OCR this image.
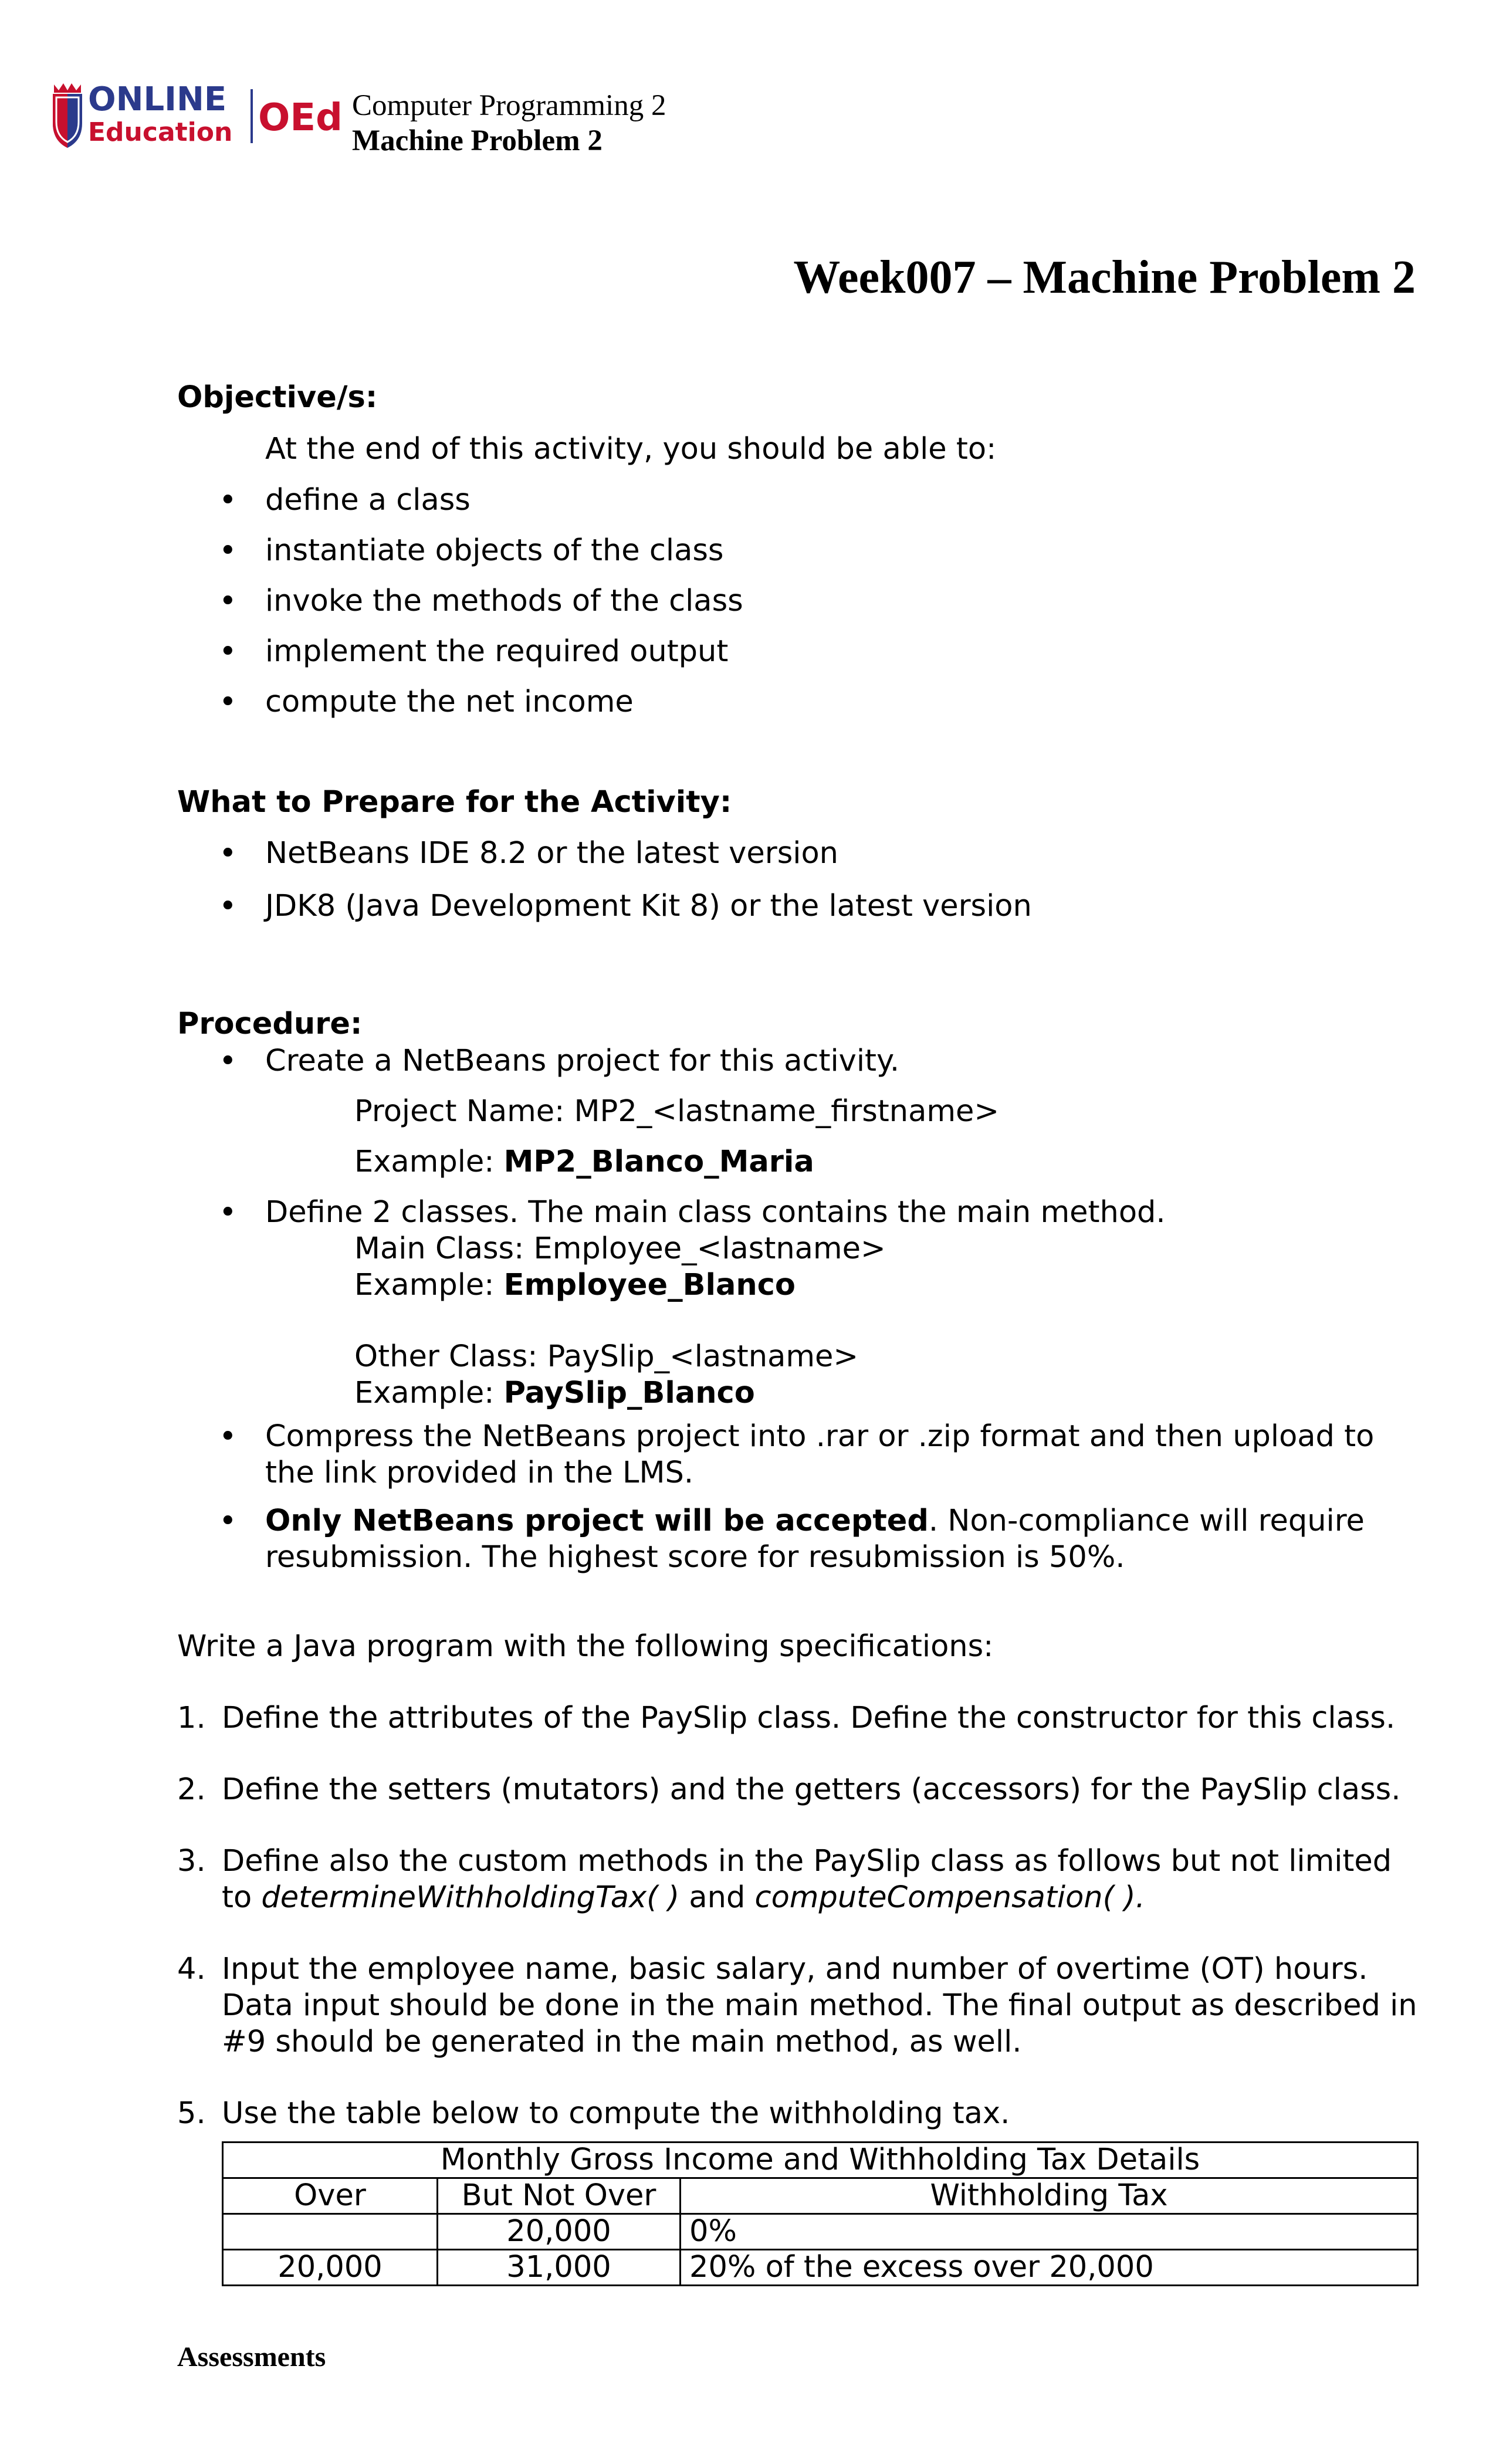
ONLINE
Education OEd Computer Programming 2
Machine Problem 2
Week007 – Machine Problem 2
Objective/s:
At the end of this activity, you should be able to:
• define a class
• instantiate objects of the class
• invoke the methods of the class
• implement the required output
• compute the net income
What to Prepare for the Activity:
• NetBeans IDE 8.2 or the latest version
• JDK8 (Java Development Kit 8) or the latest version
Procedure:
• Create a NetBeans project for this activity.
Project Name: MP2_<lastname_firstname>
Example: MP2_Blanco_Maria
• Define 2 classes. The main class contains the main method.
Main Class: Employee_<lastname>
Example: Employee_Blanco
Other Class: PaySlip_<lastname>
Example: PaySlip_Blanco
• Compress the NetBeans project into .rar or .zip format and then upload to
the link provided in the LMS.
• Only NetBeans project will be accepted. Non-compliance will require
resubmission. The highest score for resubmission is 50%.
Write a Java program with the following specifications:
1. Define the attributes of the PaySlip class. Define the constructor for this class.
2. Define the setters (mutators) and the getters (accessors) for the PaySlip class.
3. Define also the custom methods in the PaySlip class as follows but not limited
to determineWithholdingTax( ) and computeCompensation( ).
4. Input the employee name, basic salary, and number of overtime (OT) hours.
Data input should be done in the main method. The final output as described in
#9 should be generated in the main method, as well.
5. Use the table below to compute the withholding tax.
Monthly Gross Income and Withholding Tax Details		
Over	But Not Over	Withholding Tax
	20,000	0%
20,000	31,000	20% of the excess over 20,000
Assessments
